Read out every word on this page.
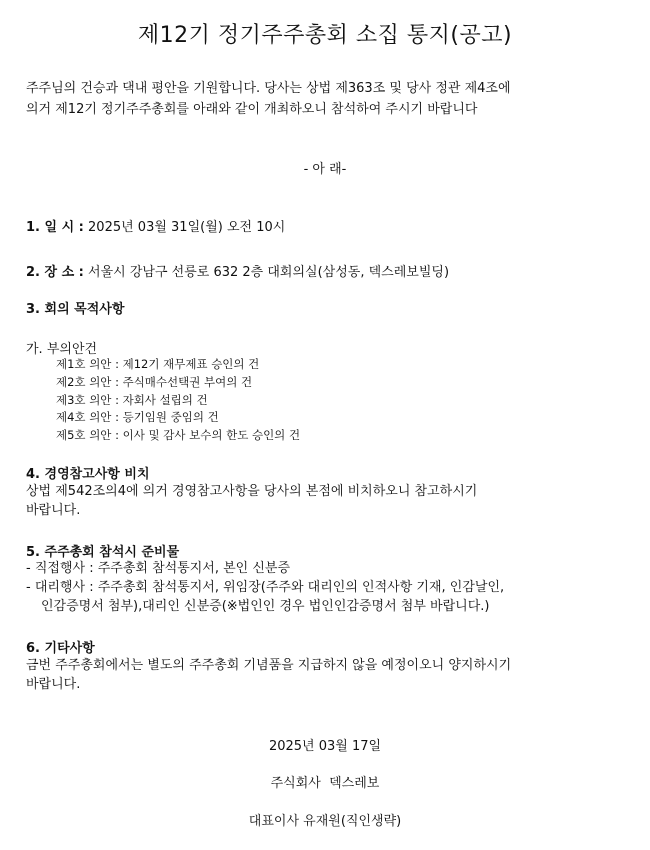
제12기 정기주주총회 소집 통지(공고)

주주님의 건승과 댁내 평안을 기원합니다. 당사는 상법 제363조 및 당사 정관 제4조에
의거 제12기 정기주주총회를 아래와 같이 개최하오니 참석하여 주시기 바랍니다

- 아 래-

1. 일 시 : 2025년 03월 31일(월) 오전 10시

2. 장 소 : 서울시 강남구 선릉로 632 2층 대회의실(삼성동, 덱스레보빌딩)

3. 회의 목적사항

가. 부의안건

제1호 의안 : 제12기 재무제표 승인의 건

제2호 의안 : 주식매수선택권 부여의 건

제3호 의안 : 자회사 설립의 건

제4호 의안 : 등기임원 중임의 건

제5호 의안 : 이사 및 감사 보수의 한도 승인의 건

4. 경영참고사항 비치

상법 제542조의4에 의거 경영참고사항을 당사의 본점에 비치하오니 참고하시기
바랍니다.

5. 주주총회 참석시 준비물

- 직접행사 : 주주총회 참석통지서, 본인 신분증
- 대리행사 : 주주총회 참석통지서, 위임장(주주와 대리인의 인적사항 기재, 인감날인,
인감증명서 첨부),대리인 신분증(※법인인 경우 법인인감증명서 첨부 바랍니다.)

6. 기타사항

금번 주주총회에서는 별도의 주주총회 기념품을 지급하지 않을 예정이오니 양지하시기
바랍니다.

2025년 03월 17일

주식회사  덱스레보

대표이사 유재원(직인생략)
